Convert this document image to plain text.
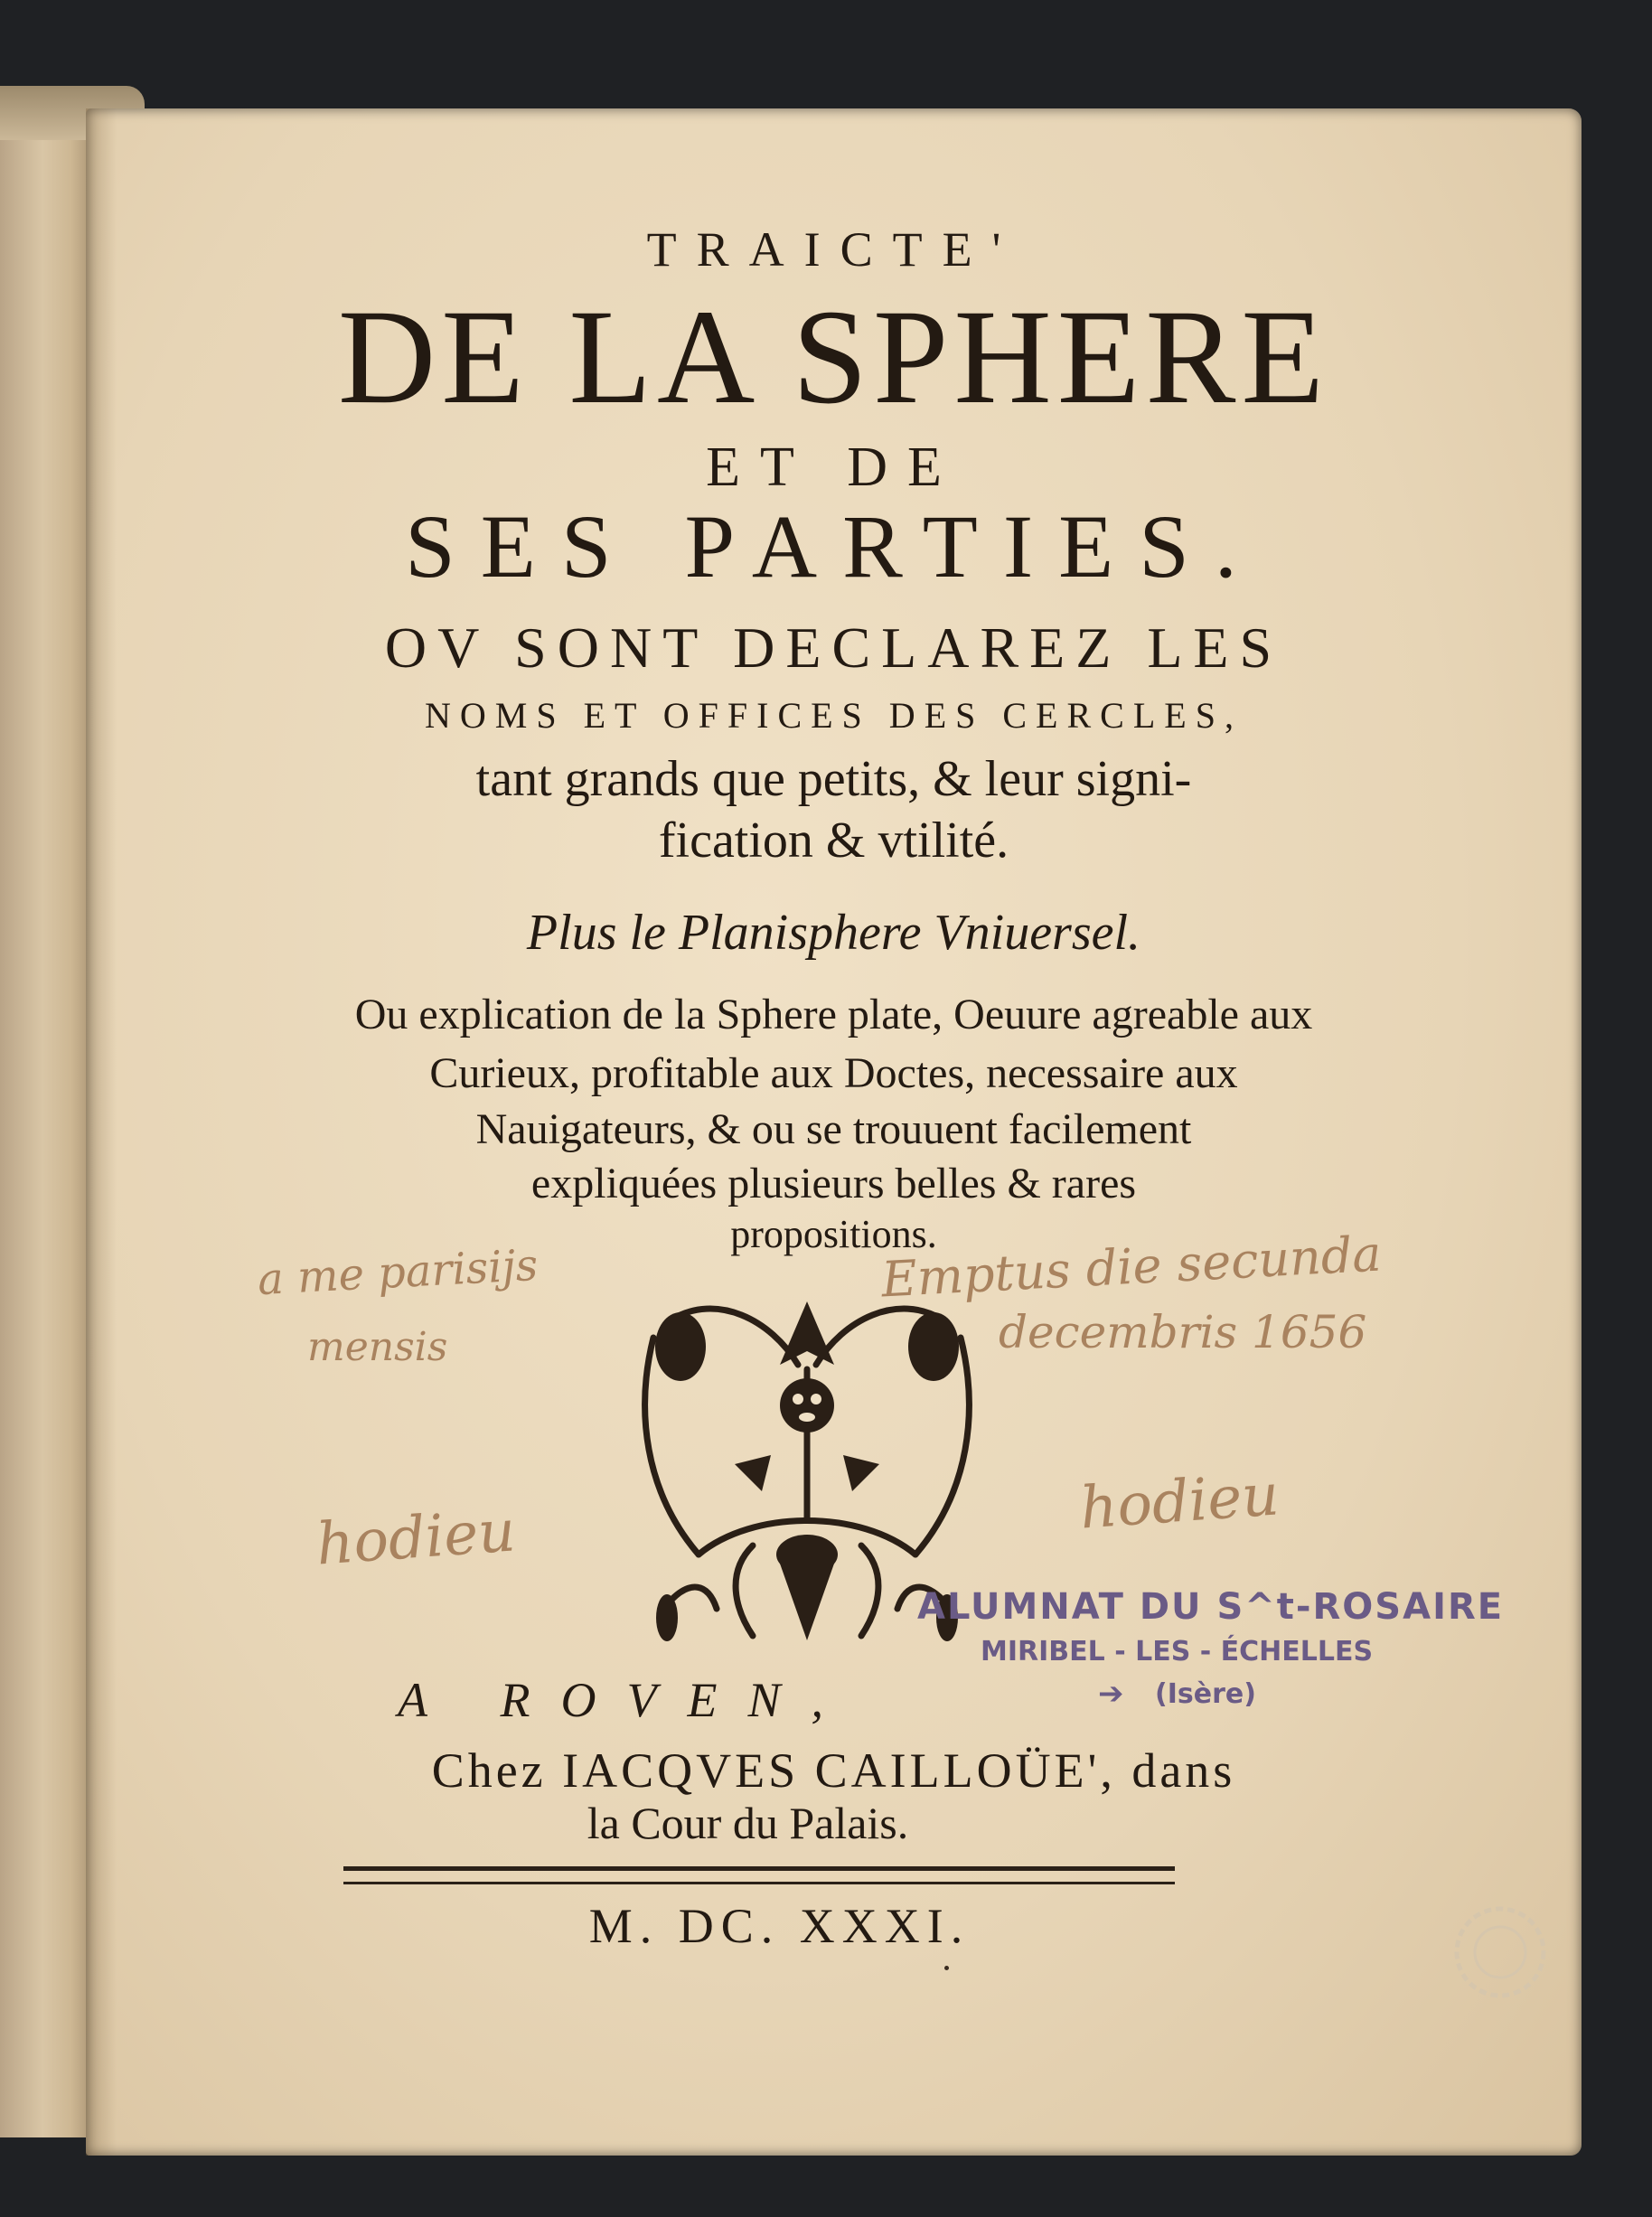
TRAICTE'
DE LA SPHERE
ET DE
SES PARTIES.
OV SONT DECLAREZ LES
NOMS ET OFFICES DES CERCLES,
tant grands que petits, & leur signi-
fication & vtilité.
Plus le Planisphere Vniuersel.
Ou explication de la Sphere plate, Oeuure agreable aux
Curieux, profitable aux Doctes, necessaire aux
Nauigateurs, & ou se trouuent facilement
expliquées plusieurs belles & rares
propositions.
a me parisijs
mensis
Emptus die secunda
decembris 1656
hodieu	hodieu
ALUMNAT DU S^t-ROSAIRE
MIRIBEL - LES - ÉCHELLES
➔ (Isère)
A ROVEN,
Chez IACQVES CAILLOÜE', dans
la Cour du Palais.
M. DC. XXXI.
